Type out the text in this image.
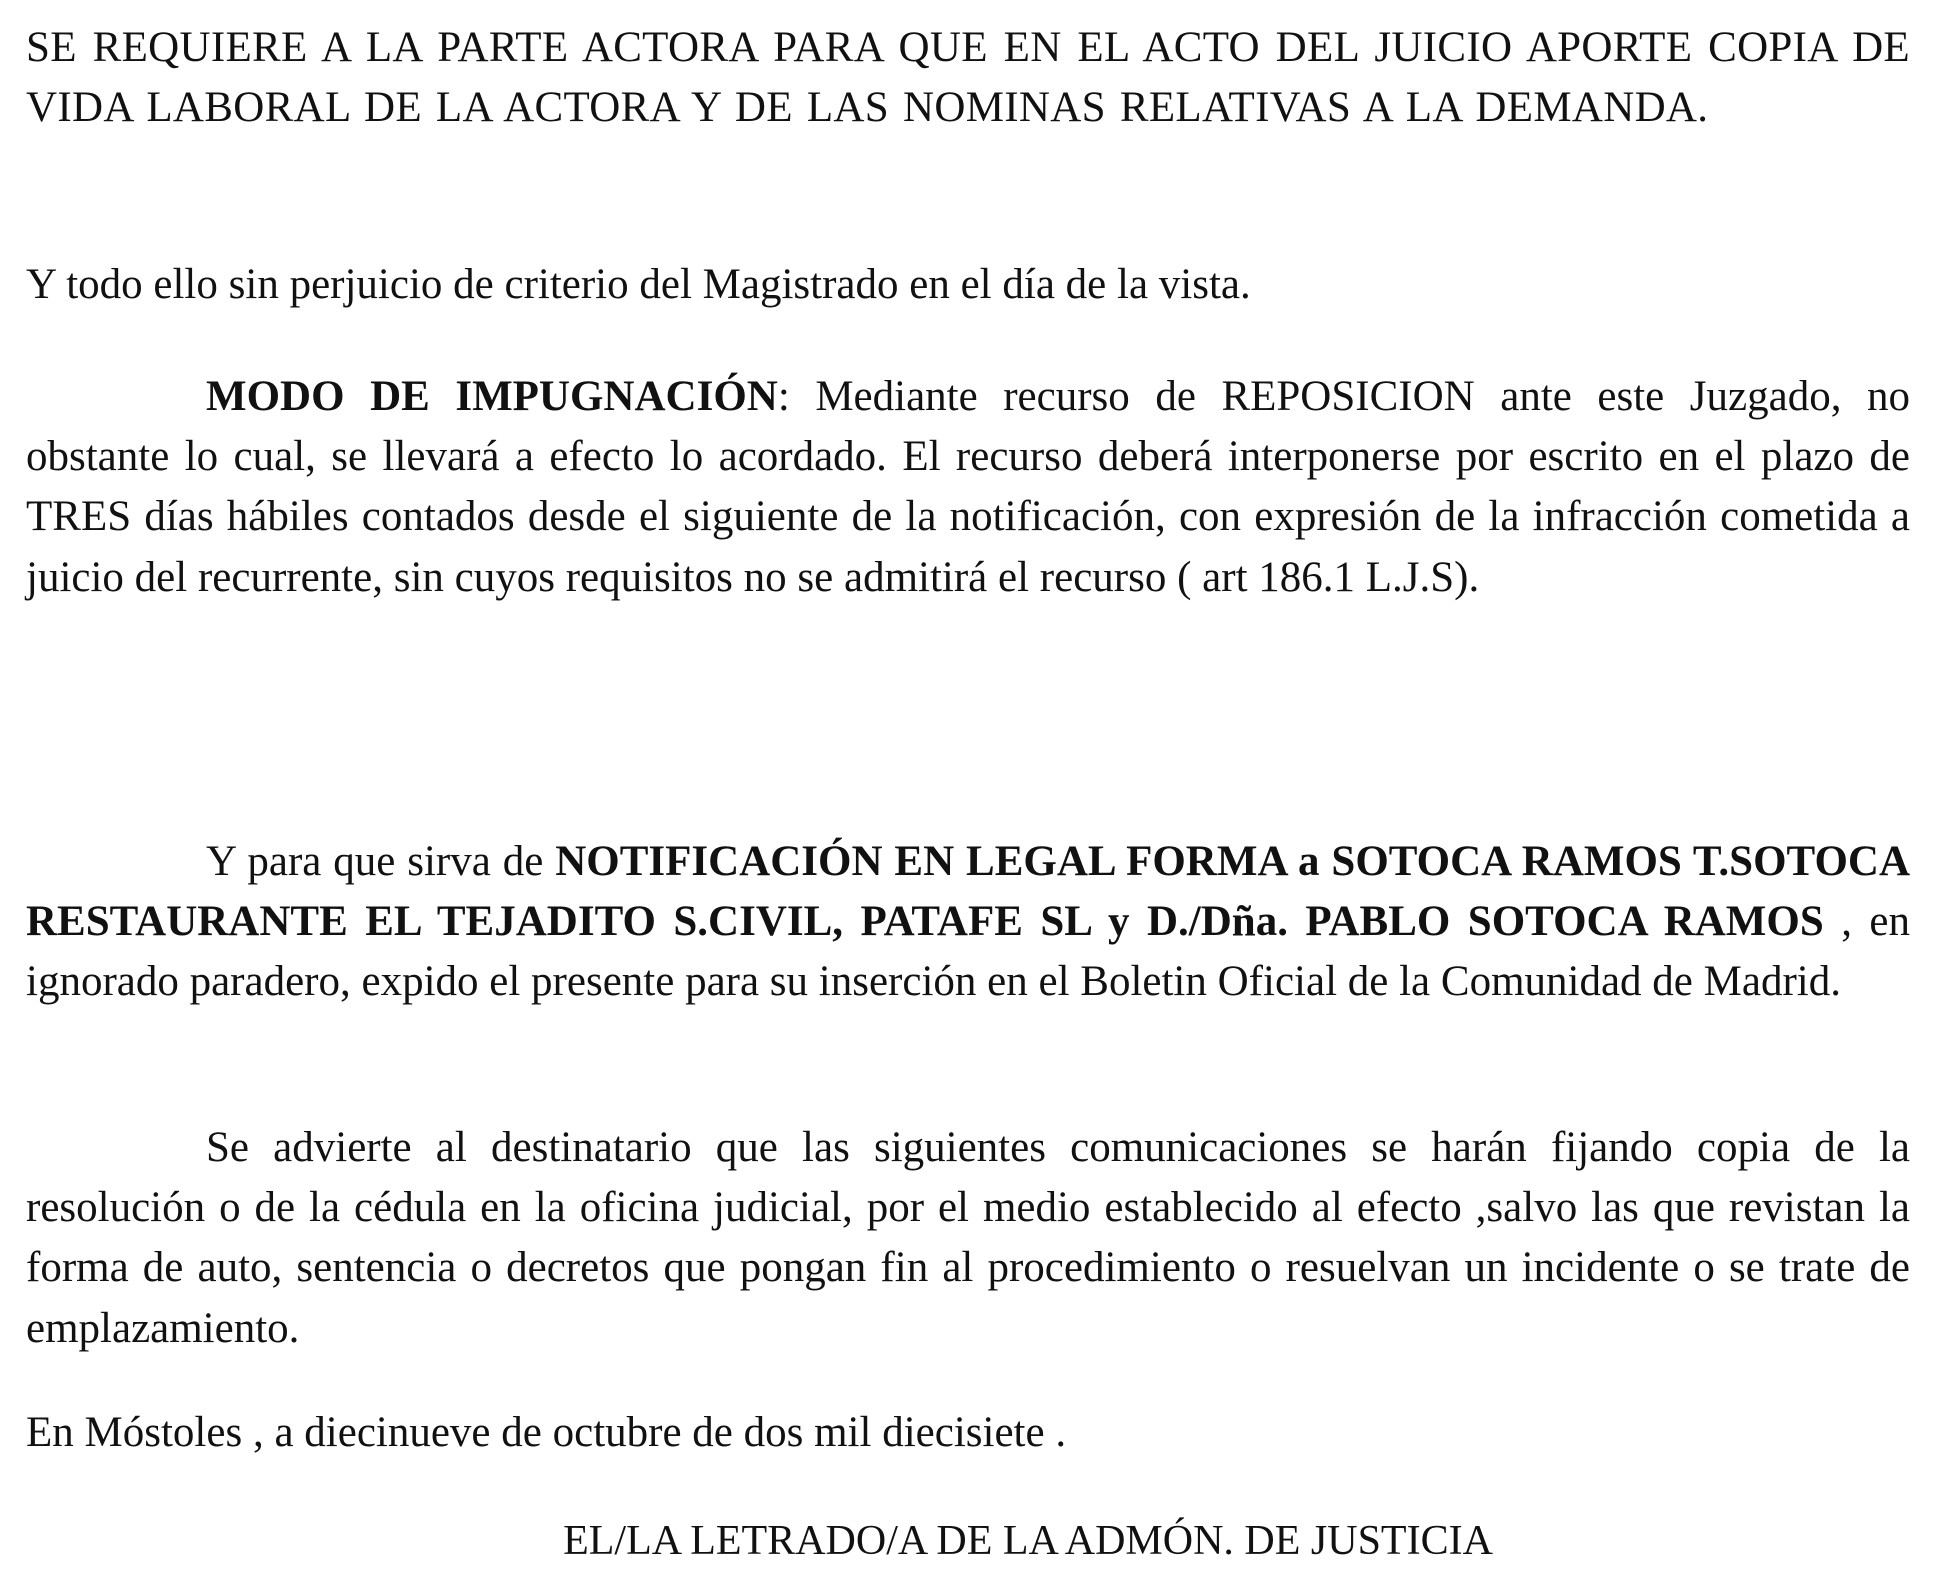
SE REQUIERE A LA PARTE ACTORA PARA QUE EN EL ACTO DEL JUICIO APORTE COPIA DE VIDA LABORAL DE LA ACTORA Y DE LAS NOMINAS RELATIVAS A LA DEMANDA.

Y todo ello sin perjuicio de criterio del Magistrado en el día de la vista.

MODO DE IMPUGNACIÓN: Mediante recurso de REPOSICION ante este Juzgado, no obstante lo cual, se llevará a efecto lo acordado. El recurso deberá interponerse por escrito en el plazo de TRES días hábiles contados desde el siguiente de la notificación, con expresión de la infracción cometida a juicio del recurrente, sin cuyos requisitos no se admitirá el recurso ( art 186.1 L.J.S).

Y para que sirva de NOTIFICACIÓN EN LEGAL FORMA a SOTOCA RAMOS T.SOTOCA RESTAURANTE EL TEJADITO S.CIVIL, PATAFE SL y D./Dña. PABLO SOTOCA RAMOS , en ignorado paradero, expido el presente para su inserción en el Boletin Oficial de la Comunidad de Madrid.

Se advierte al destinatario que las siguientes comunicaciones se harán fijando copia de la resolución o de la cédula en la oficina judicial, por el medio establecido al efecto ,salvo las que revistan la forma de auto, sentencia o decretos que pongan fin al procedimiento o resuelvan un incidente o se trate de emplazamiento.

En Móstoles , a diecinueve de octubre de dos mil diecisiete .

EL/LA LETRADO/A DE LA ADMÓN. DE JUSTICIA
